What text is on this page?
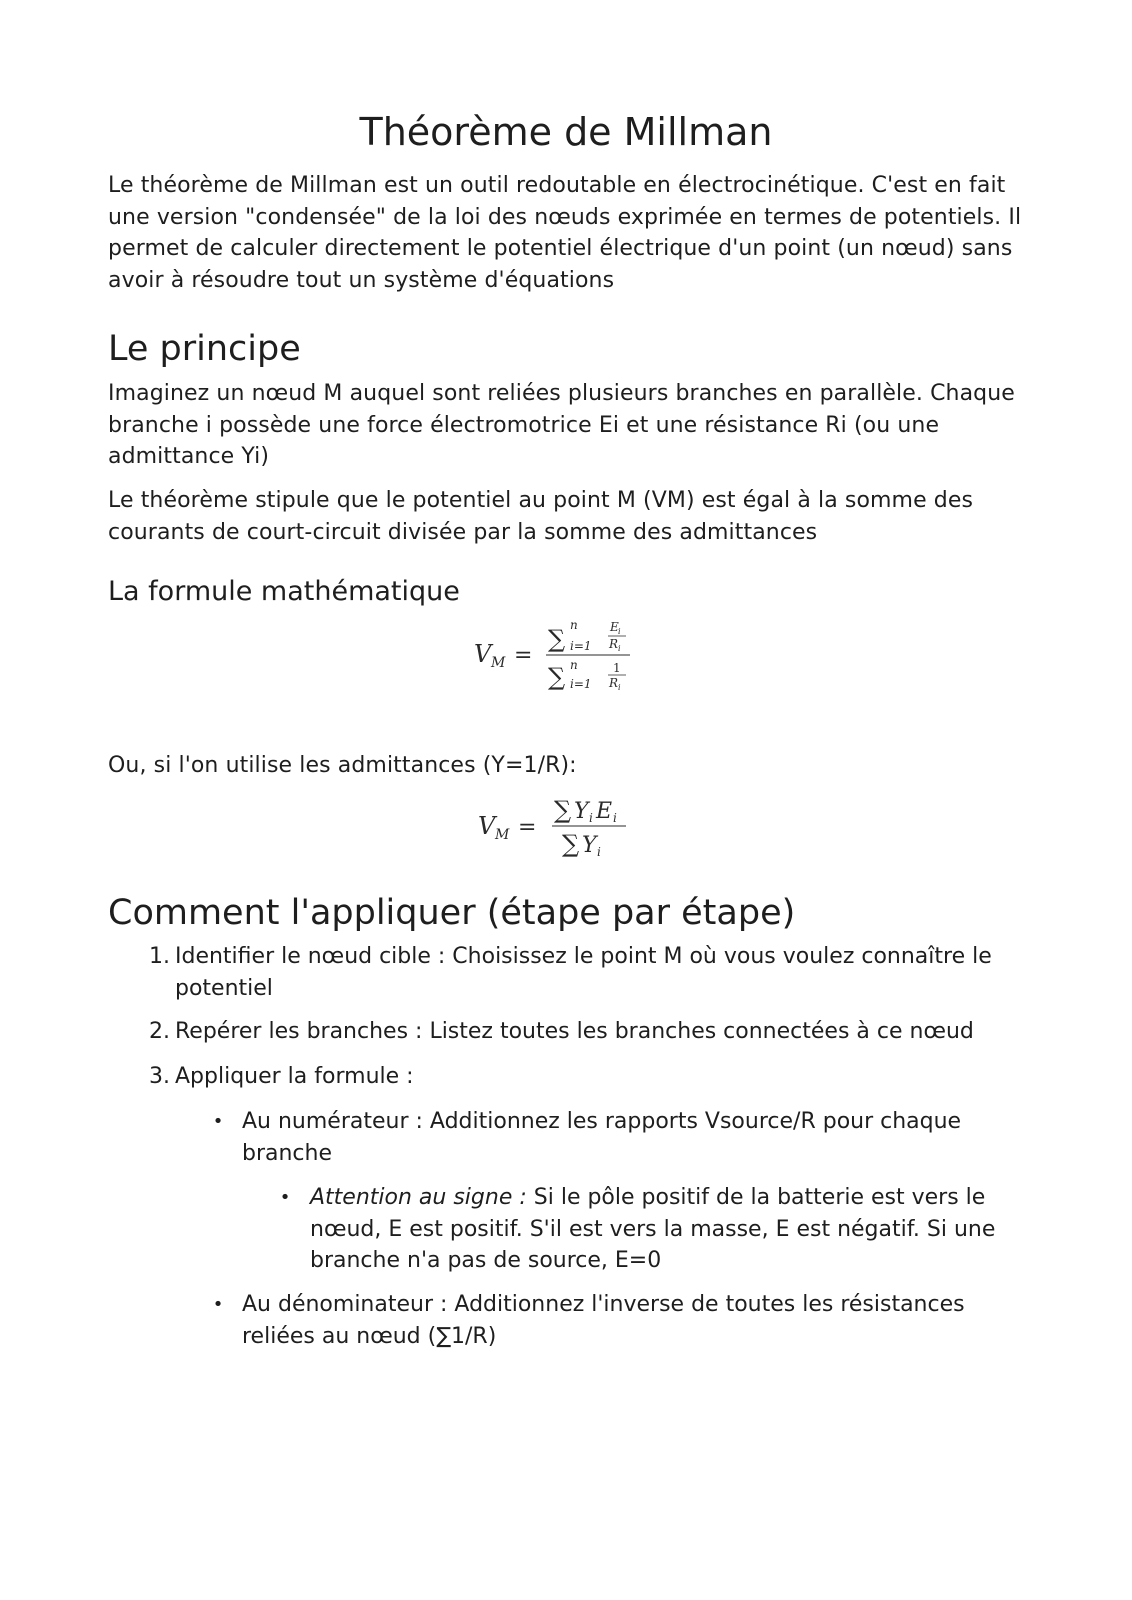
Théorème de Millman

Le théorème de Millman est un outil redoutable en électrocinétique. C'est en fait une version "condensée" de la loi des nœuds exprimée en termes de potentiels. Il permet de calculer directement le potentiel électrique d'un point (un nœud) sans avoir à résoudre tout un système d'équations

Le principe

Imaginez un nœud M auquel sont reliées plusieurs branches en parallèle. Chaque branche i possède une force électromotrice Ei et une résistance Ri (ou une admittance Yi)

Le théorème stipule que le potentiel au point M (VM) est égal à la somme des courants de court-circuit divisée par la somme des admittances

La formule mathématique
V M =
∑ n
i=1
E i
R i
∑ n
i=1
1
R i

Ou, si l'on utilise les admittances (Y=1/R):

V M =
∑ Y i E i
∑ Y i
Comment l'appliquer (étape par étape)
1. Identifier le nœud cible : Choisissez le point M où vous voulez connaître le potentiel

2. Repérer les branches : Listez toutes les branches connectées à ce nœud

3. Appliquer la formule :

• Au numérateur : Additionnez les rapports Vsource/R pour chaque branche

• Attention au signe : Si le pôle positif de la batterie est vers le nœud, E est positif. S'il est vers la masse, E est négatif. Si une branche n'a pas de source, E=0

• Au dénominateur : Additionnez l'inverse de toutes les résistances reliées au nœud (∑1/R)
